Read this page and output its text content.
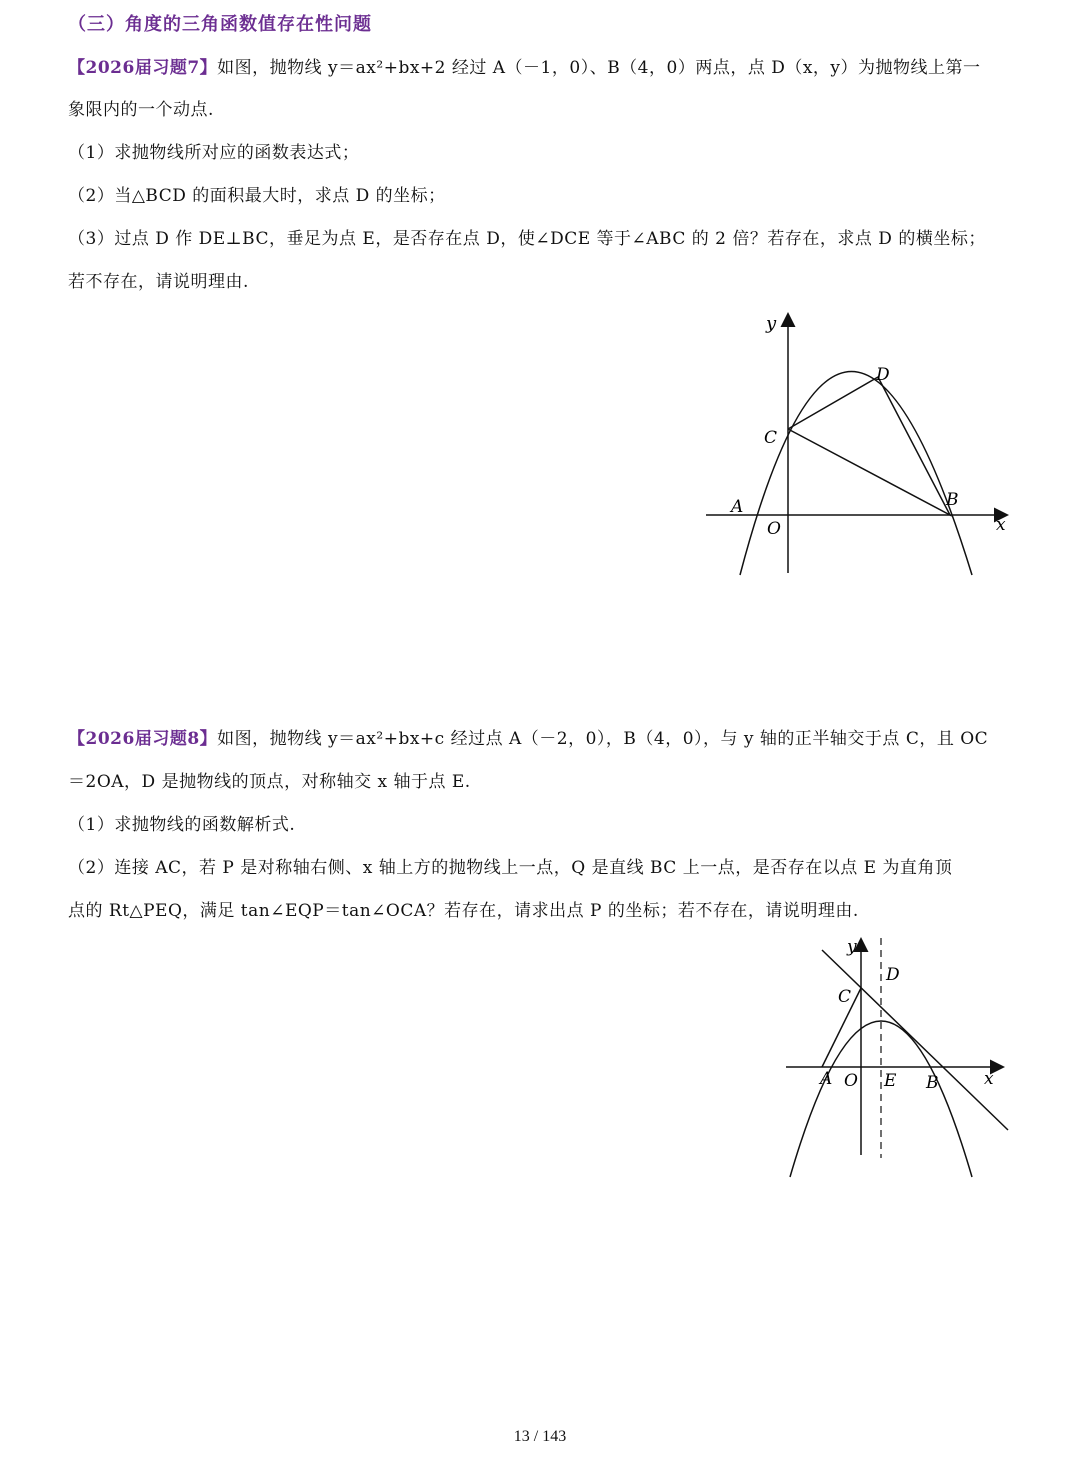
（三）角度的三角函数值存在性问题
【2026届习题7】如图，抛物线 y＝ax²+bx+2 经过 A（－1，0）、B（4，0）两点，点 D（x，y）为抛物线上第一
象限内的一个动点.
（1）求抛物线所对应的函数表达式；
（2）当△BCD 的面积最大时，求点 D 的坐标；
（3）过点 D 作 DE⊥BC，垂足为点 E，是否存在点 D，使∠DCE 等于∠ABC 的 2 倍？若存在，求点 D 的横坐标；
若不存在，请说明理由.
y
x
D
C
A	B
O
【2026届习题8】如图，抛物线 y＝ax²+bx+c 经过点 A（－2，0），B（4，0），与 y 轴的正半轴交于点 C，且 OC
＝2OA，D 是抛物线的顶点，对称轴交 x 轴于点 E.
（1）求抛物线的函数解析式.
（2）连接 AC，若 P 是对称轴右侧、x 轴上方的抛物线上一点，Q 是直线 BC 上一点，是否存在以点 E 为直角顶
点的 Rt△PEQ，满足 tan∠EQP＝tan∠OCA？若存在，请求出点 P 的坐标；若不存在，请说明理由.
y
x
D
C
A O E B
13 / 143
